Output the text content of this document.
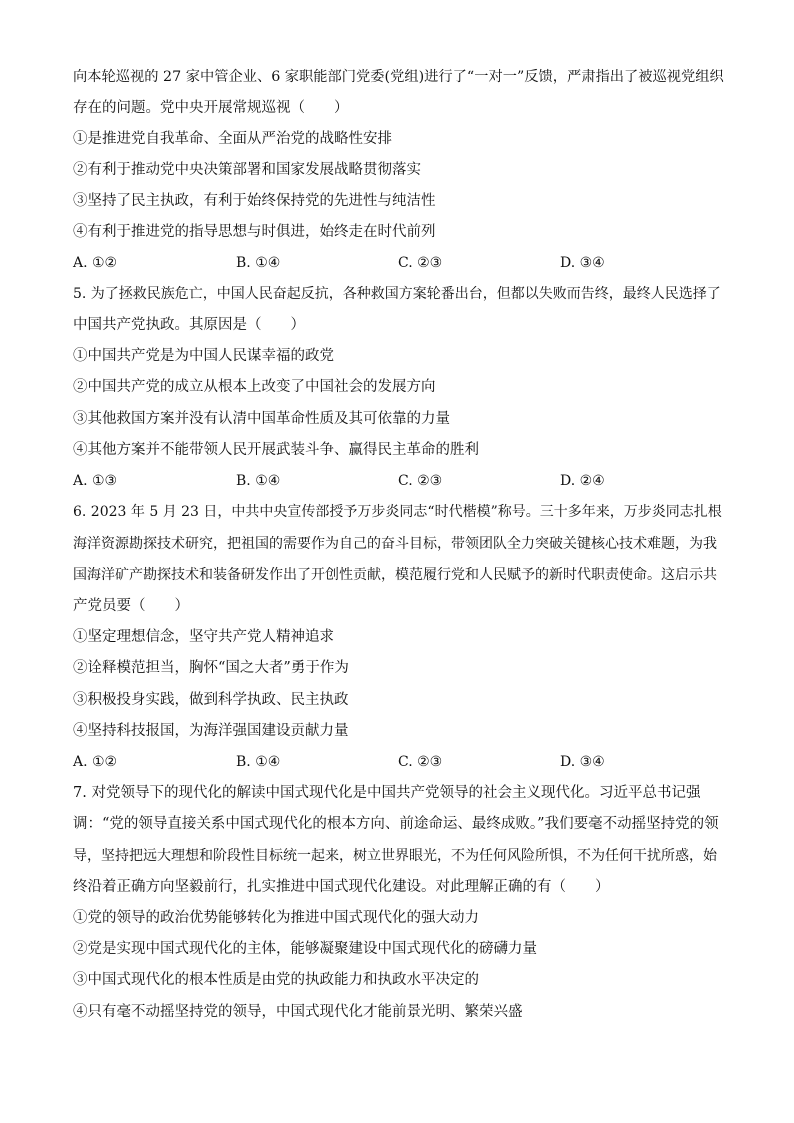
向本轮巡视的 27 家中管企业、6 家职能部门党委(党组)进行了“一对一”反馈，严肃指出了被巡视党组织
存在的问题。党中央开展常规巡视（　　）
①是推进党自我革命、全面从严治党的战略性安排
②有利于推动党中央决策部署和国家发展战略贯彻落实
③坚持了民主执政，有利于始终保持党的先进性与纯洁性
④有利于推进党的指导思想与时俱进，始终走在时代前列
A. ①②	B. ①④	C. ②③	D. ③④
5. 为了拯救民族危亡，中国人民奋起反抗，各种救国方案轮番出台，但都以失败而告终，最终人民选择了
中国共产党执政。其原因是（　　）
①中国共产党是为中国人民谋幸福的政党
②中国共产党的成立从根本上改变了中国社会的发展方向
③其他救国方案并没有认清中国革命性质及其可依靠的力量
④其他方案并不能带领人民开展武装斗争、赢得民主革命的胜利
A. ①③	B. ①④	C. ②③	D. ②④
6. 2023 年 5 月 23 日，中共中央宣传部授予万步炎同志“时代楷模”称号。三十多年来，万步炎同志扎根
海洋资源勘探技术研究，把祖国的需要作为自己的奋斗目标，带领团队全力突破关键核心技术难题，为我
国海洋矿产勘探技术和装备研发作出了开创性贡献，模范履行党和人民赋予的新时代职责使命。这启示共
产党员要（　　）
①坚定理想信念，坚守共产党人精神追求
②诠释模范担当，胸怀“国之大者”勇于作为
③积极投身实践，做到科学执政、民主执政
④坚持科技报国，为海洋强国建设贡献力量
A. ①②	B. ①④	C. ②③	D. ③④
7. 对党领导下的现代化的解读中国式现代化是中国共产党领导的社会主义现代化。习近平总书记强
调：“党的领导直接关系中国式现代化的根本方向、前途命运、最终成败。”我们要毫不动摇坚持党的领
导，坚持把远大理想和阶段性目标统一起来，树立世界眼光，不为任何风险所惧，不为任何干扰所惑，始
终沿着正确方向坚毅前行，扎实推进中国式现代化建设。对此理解正确的有（　　）
①党的领导的政治优势能够转化为推进中国式现代化的强大动力
②党是实现中国式现代化的主体，能够凝聚建设中国式现代化的磅礴力量
③中国式现代化的根本性质是由党的执政能力和执政水平决定的
④只有毫不动摇坚持党的领导，中国式现代化才能前景光明、繁荣兴盛
